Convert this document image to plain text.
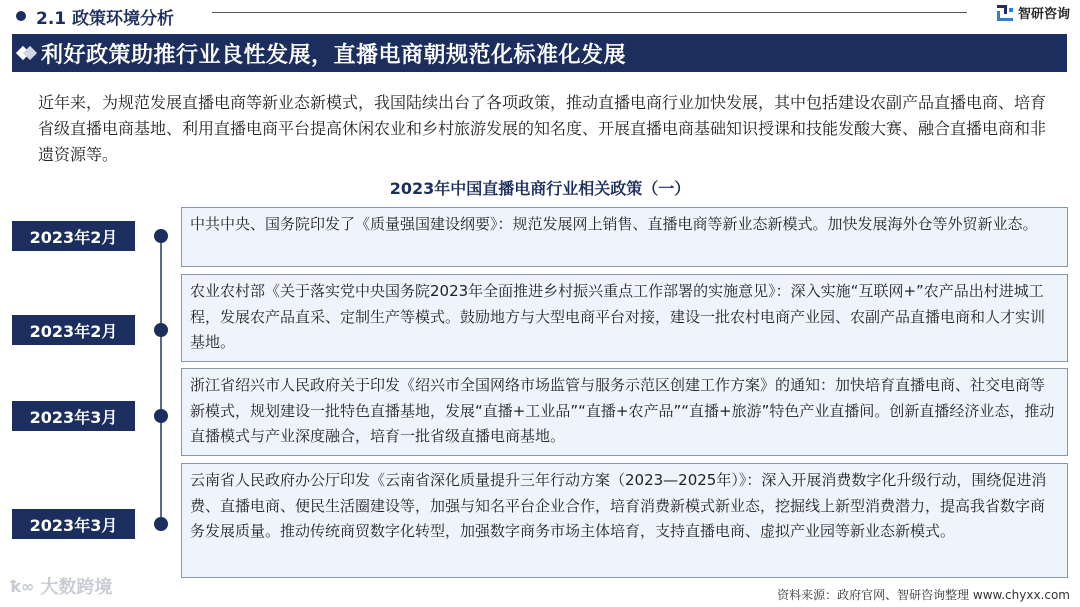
2.1 政策环境分析	智研咨询
利好政策助推行业良性发展，直播电商朝规范化标准化发展

近年来，为规范发展直播电商等新业态新模式，我国陆续出台了各项政策，推动直播电商行业加快发展，其中包括建设农副产品直播电商、培育省级直播电商基地、利用直播电商平台提高休闲农业和乡村旅游发展的知名度、开展直播电商基础知识授课和技能发酸大赛、融合直播电商和非遗资源等。

2023年中国直播电商行业相关政策（一）
2023年2月
中共中央、国务院印发了《质量强国建设纲要》：规范发展网上销售、直播电商等新业态新模式。加快发展海外仓等外贸新业态。
2023年2月
农业农村部《关于落实党中央国务院2023年全面推进乡村振兴重点工作部署的实施意见》：深入实施“互联网+”农产品出村进城工程，发展农产品直采、定制生产等模式。鼓励地方与大型电商平台对接，建设一批农村电商产业园、农副产品直播电商和人才实训基地。
2023年3月
浙江省绍兴市人民政府关于印发《绍兴市全国网络市场监管与服务示范区创建工作方案》的通知：加快培育直播电商、社交电商等新模式，规划建设一批特色直播基地，发展“直播+工业品”“直播+农产品”“直播+旅游”特色产业直播间。创新直播经济业态，推动直播模式与产业深度融合，培育一批省级直播电商基地。
2023年3月
云南省人民政府办公厅印发《云南省深化质量提升三年行动方案（2023—2025年）》：深入开展消费数字化升级行动，围绕促进消费、直播电商、便民生活圈建设等，加强与知名平台企业合作，培育消费新模式新业态，挖掘线上新型消费潜力，提高我省数字商务发展质量。推动传统商贸数字化转型，加强数字商务市场主体培育，支持直播电商、虚拟产业园等新业态新模式。
ꝁ∞ 大数跨境	资料来源：政府官网、智研咨询整理 www.chyxx.com
